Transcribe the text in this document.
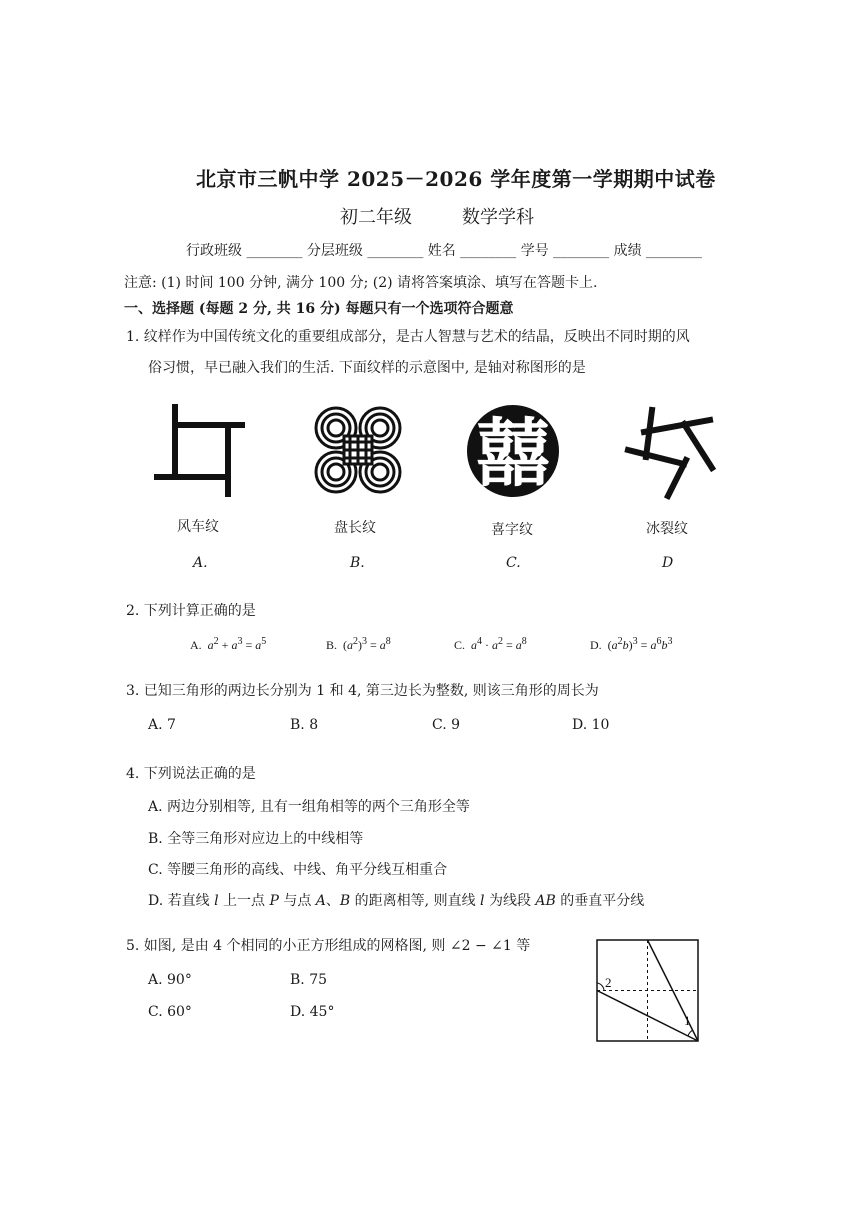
北京市三帆中学 2025－2026 学年度第一学期期中试卷
初二年级	数学学科
行政班级 ________ 分层班级 ________ 姓名 ________ 学号 ________ 成绩 ________
注意: (1) 时间 100 分钟, 满分 100 分; (2) 请将答案填涂、填写在答题卡上.
一、选择题 (每题 2 分, 共 16 分) 每题只有一个选项符合题意
1. 纹样作为中国传统文化的重要组成部分，是古人智慧与艺术的结晶，反映出不同时期的风
俗习惯，早已融入我们的生活. 下面纹样的示意图中, 是轴对称图形的是
囍
风车纹	盘长纹	喜字纹	冰裂纹
A.	B.	C.	D
2. 下列计算正确的是
A. $a^2 + a^3 = a^5$	B.  $(a^2)^3 = a^8$	C. $a^4 \cdot a^2 = a^8$	D.  $(a^2b)^3 = a^6b^3$
3. 已知三角形的两边长分别为 1 和 4, 第三边长为整数, 则该三角形的周长为
A. 7	B. 8	C. 9	D. 10
4. 下列说法正确的是
A. 两边分别相等, 且有一组角相等的两个三角形全等
B. 全等三角形对应边上的中线相等
C. 等腰三角形的高线、中线、角平分线互相重合
D. 若直线 l 上一点 P 与点 A、B 的距离相等, 则直线 l 为线段 AB 的垂直平分线
5. 如图, 是由 4 个相同的小正方形组成的网格图, 则 ∠2 − ∠1 等
A. 90°	B. 75
C. 60°	D. 45°
2
1
